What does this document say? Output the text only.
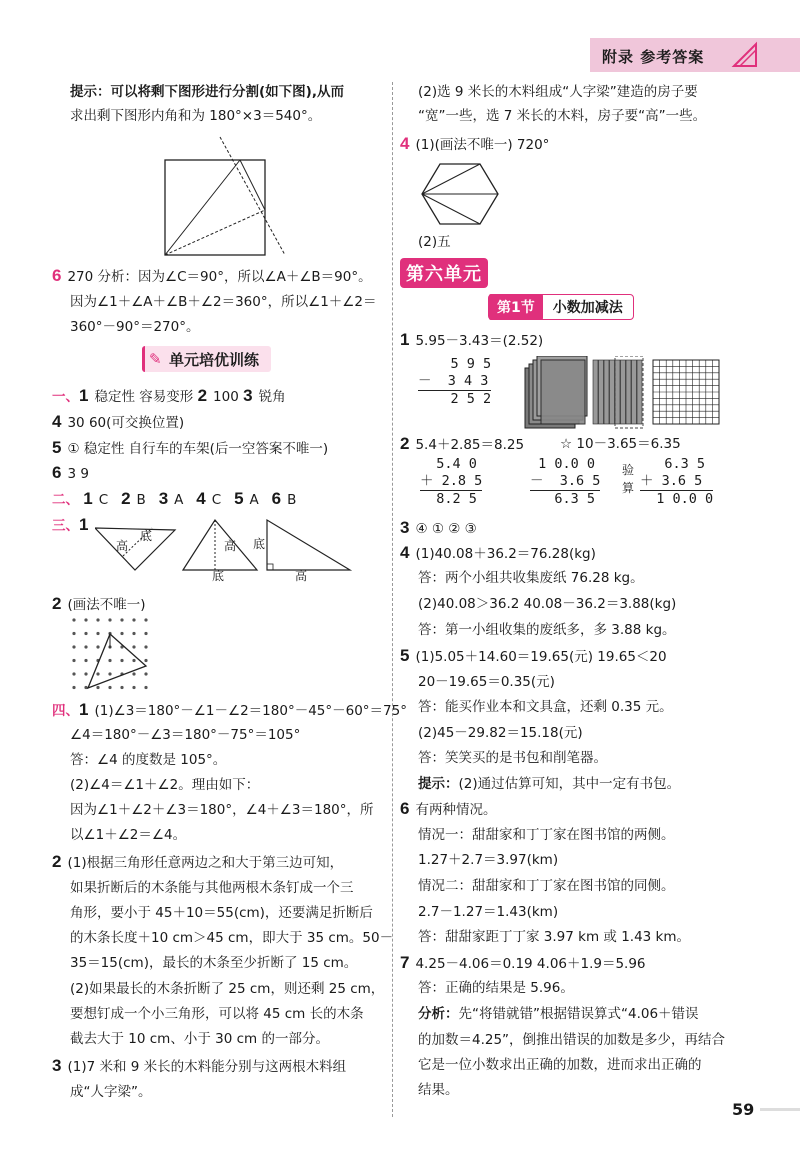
附录 参考答案
提示：可以将剩下图形进行分割(如下图),从而
求出剩下图形内角和为 180°×3＝540°。
6 270 分析：因为∠C＝90°，所以∠A＋∠B＝90°。
因为∠1＋∠A＋∠B＋∠2＝360°，所以∠1＋∠2＝
360°－90°＝270°。
✎ 单元培优训练
一、1 稳定性 容易变形 2 100 3 锐角
4 30 60(可交换位置)
5 ① 稳定性 自行车的车架(后一空答案不唯一)
6 3 9
二、 1 C 2 B 3 A 4 C 5 A 6 B
三、1
底
高	高
底
底
高
2 (画法不唯一)
四、1 (1)∠3＝180°－∠1－∠2＝180°－45°－60°＝75°
∠4＝180°－∠3＝180°－75°＝105°
答：∠4 的度数是 105°。
(2)∠4＝∠1＋∠2。理由如下：
因为∠1＋∠2＋∠3＝180°，∠4＋∠3＝180°，所
以∠1＋∠2＝∠4。
2 (1)根据三角形任意两边之和大于第三边可知，
如果折断后的木条能与其他两根木条钉成一个三
角形，要小于 45＋10＝55(cm)，还要满足折断后
的木条长度＋10 cm＞45 cm，即大于 35 cm。50－
35＝15(cm)，最长的木条至少折断了 15 cm。
(2)如果最长的木条折断了 25 cm，则还剩 25 cm，
要想钉成一个小三角形，可以将 45 cm 长的木条
截去大于 10 cm、小于 30 cm 的一部分。
3 (1)7 米和 9 米长的木料能分别与这两根木料组
成“人字梁”。
(2)选 9 米长的木料组成“人字梁”建造的房子要
“宽”一些，选 7 米长的木料，房子要“高”一些。
4 (1)(画法不唯一) 720°
(2)五
第六单元
第1节	小数加减法
1 5.95－3.43＝(2.52)
5 9 5
－  3 4 3
2 5 2
2 5.4＋2.85＝8.25	☆ 10－3.65＝6.35
5.4 0
＋ 2.8 5
8.2 5
1 0.0 0
－  3.6 5
6.3 5
验
算
6.3 5
＋ 3.6 5
1 0.0 0
3 ④ ① ② ③
4 (1)40.08＋36.2＝76.28(kg)
答：两个小组共收集废纸 76.28 kg。
(2)40.08＞36.2 40.08－36.2＝3.88(kg)
答：第一小组收集的废纸多，多 3.88 kg。
5 (1)5.05＋14.60＝19.65(元) 19.65＜20
20－19.65＝0.35(元)
答：能买作业本和文具盒，还剩 0.35 元。
(2)45－29.82＝15.18(元)
答：笑笑买的是书包和削笔器。
提示：(2)通过估算可知，其中一定有书包。
6 有两种情况。
情况一：甜甜家和丁丁家在图书馆的两侧。
1.27＋2.7＝3.97(km)
情况二：甜甜家和丁丁家在图书馆的同侧。
2.7－1.27＝1.43(km)
答：甜甜家距丁丁家 3.97 km 或 1.43 km。
7 4.25－4.06＝0.19 4.06＋1.9＝5.96
答：正确的结果是 5.96。
分析：先“将错就错”根据错误算式“4.06＋错误
的加数＝4.25”，倒推出错误的加数是多少，再结合
它是一位小数求出正确的加数，进而求出正确的
结果。
59
